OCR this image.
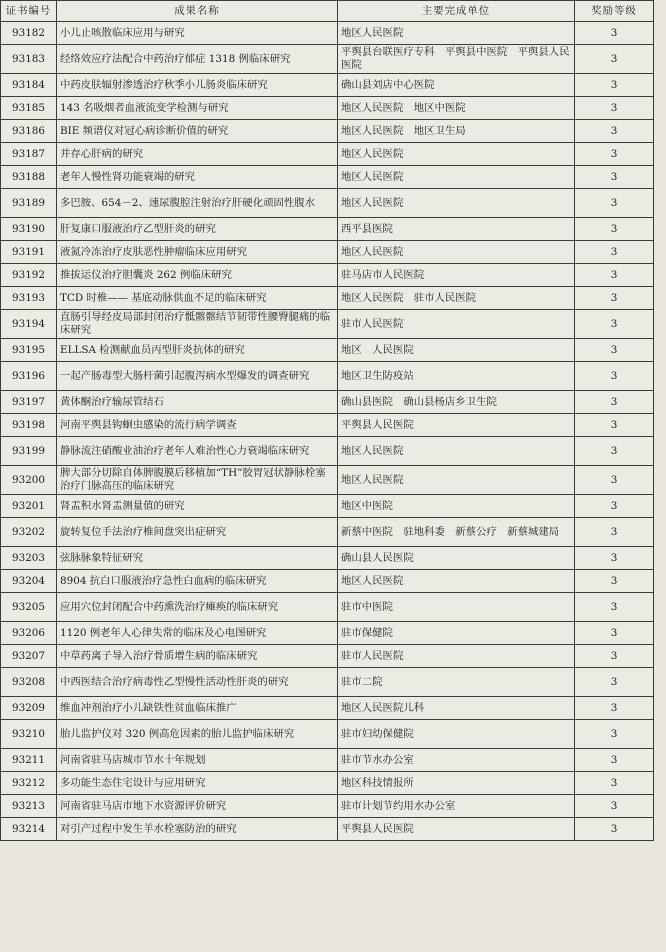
证书编号	成果名称	主要完成单位	奖励等级
93182	小儿止咳散临床应用与研究	地区人民医院	3
93183	经络效应疗法配合中药治疗郁症 1318 例临床研究	平舆县台联医疗专科　平舆县中医院　平舆县人民医院	3
93184	中药皮肤辐射渗透治疗秋季小儿肠炎临床研究	确山县刘店中心医院	3
93185	143 名吸烟者血液流变学检测与研究	地区人民医院　地区中医院	3
93186	BIE 频谱仪对冠心病诊断价值的研究	地区人民医院　地区卫生局	3
93187	并存心肝病的研究	地区人民医院	3
93188	老年人慢性肾功能衰竭的研究	地区人民医院	3
93189	多巴胺、654－2、速尿腹腔注射治疗肝硬化顽固性腹水	地区人民医院	3
93190	肝复康口服液治疗乙型肝炎的研究	西平县医院	3
93191	液氮冷冻治疗皮肤恶性肿瘤临床应用研究	地区人民医院	3
93192	推拔运仪治疗胆囊炎 262 例临床研究	驻马店市人民医院	3
93193	TCD 时椎—— 基底动脉供血不足的临床研究	地区人民医院　驻市人民医院	3
93194	直肠引导经皮局部封闭治疗骶髂髂结节韧带性腰臀腿痛的临床研究	驻市人民医院	3
93195	ELLSA 检测献血员丙型肝炎抗体的研究	地区　人民医院	3
93196	一起产肠毒型大肠杆菌引起腹泻病水型爆发的调查研究	地区卫生防疫站	3
93197	黄体酮治疗输尿管结石	确山县医院　确山县杨店乡卫生院	3
93198	河南平舆县钩蛔虫感染的流行病学调查	平舆县人民医院	3
93199	静脉流注硝酸业油治疗老年人难治性心力衰竭临床研究	地区人民医院	3
93200	脾大部分切除自体脾腹膜后移植加“TH”胶胃冠状静脉栓塞治疗门脉高压的临床研究	地区人民医院	3
93201	肾盂积水肾盂测量值的研究	地区中医院	3
93202	旋转复位手法治疗椎间盘突出症研究	新蔡中医院　驻地科委　新蔡公疗　新蔡城建局	3
93203	弦脉脉象特征研究	确山县人民医院	3
93204	8904 抗白口服液治疗急性白血病的临床研究	地区人民医院	3
93205	应用穴位封闭配合中药熏洗治疗瘫痪的临床研究	驻市中医院	3
93206	1120 例老年人心律失常的临床及心电图研究	驻市保健院	3
93207	中草药离子导入治疗骨质增生病的临床研究	驻市人民医院	3
93208	中西医结合治疗病毒性乙型慢性活动性肝炎的研究	驻市二院	3
93209	维血冲剂治疗小儿缺铁性贫血临床推广	地区人民医院儿科	3
93210	胎儿监护仪对 320 例高危因素的胎儿监护临床研究	驻市妇幼保健院	3
93211	河南省驻马店城市节水十年规划	驻市节水办公室	3
93212	多功能生态住宅设计与应用研究	地区科技情报所	3
93213	河南省驻马店市地下水资源评价研究	驻市计划节约用水办公室	3
93214	对引产过程中发生羊水栓塞防治的研究	平舆县人民医院	3
